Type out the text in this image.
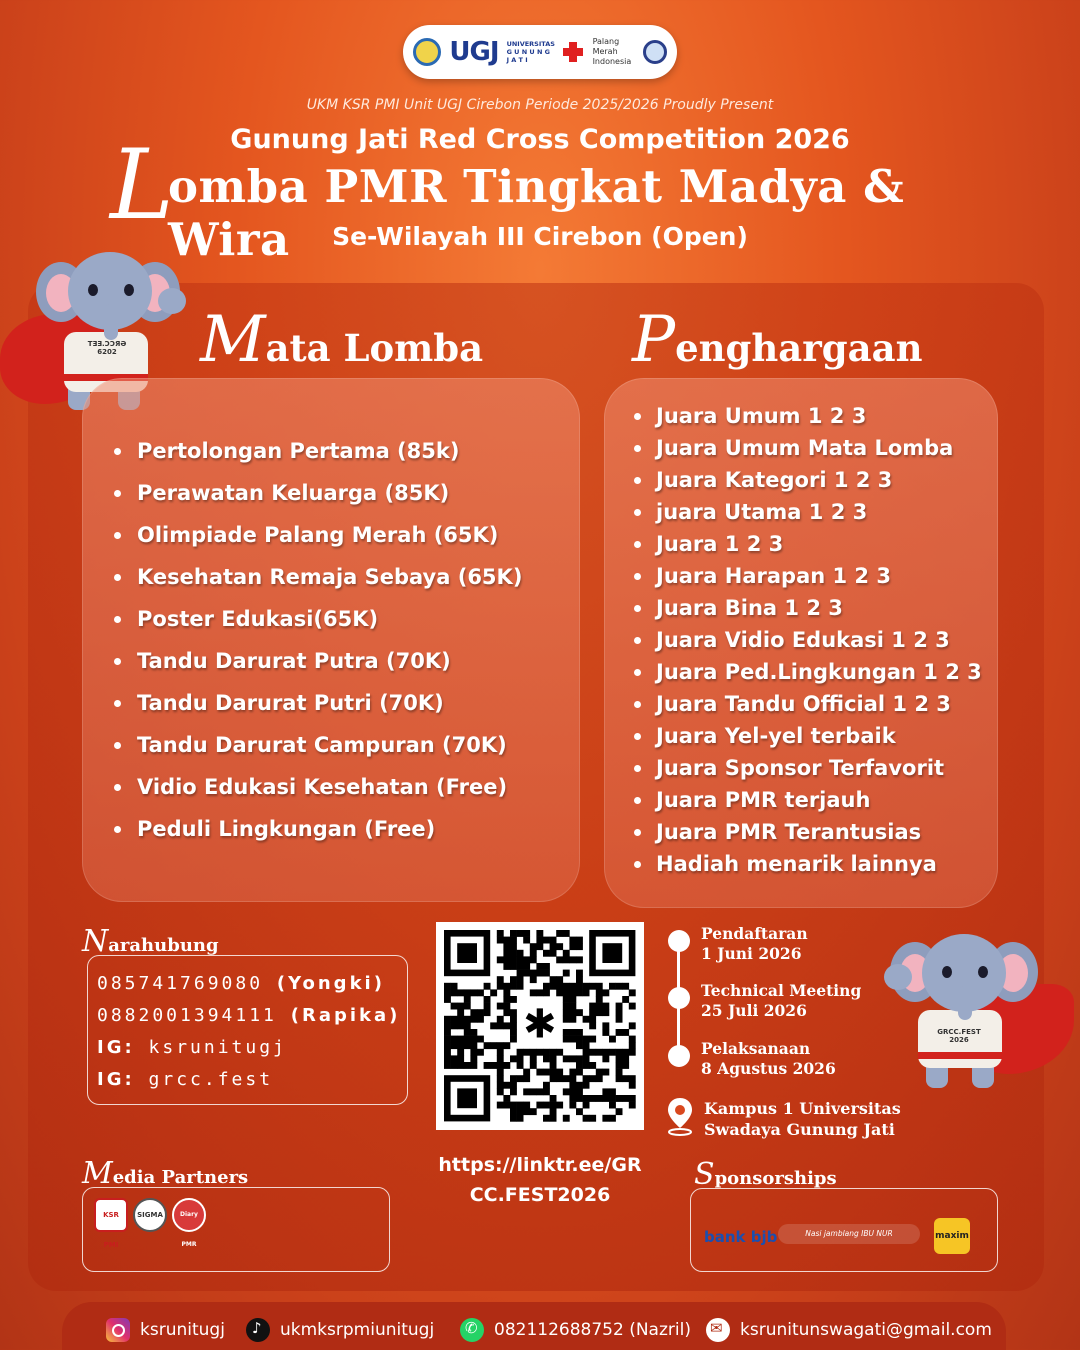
UGJ UNIVERSITAS
G U N U N G
J A T I
Palang
Merah
Indonesia
UKM KSR PMI Unit UGJ Cirebon Periode 2025/2026 Proudly Present
Gunung Jati Red Cross Competition 2026
L
omba PMR Tingkat Madya & Wira	Se-Wilayah III Cirebon (Open)
TƎƎ.ƆƆЯƏ
6202 Mata Lomba Penghargaan
Pertolongan Pertama (85k)
Perawatan Keluarga (85K)
Olimpiade Palang Merah (65K)
Kesehatan Remaja Sebaya (65K)
Poster Edukasi(65K)
Tandu Darurat Putra (70K)
Tandu Darurat Putri (70K)
Tandu Darurat Campuran (70K)
Vidio Edukasi Kesehatan (Free)
Peduli Lingkungan (Free)
Juara Umum 1 2 3
Juara Umum Mata Lomba
Juara Kategori 1 2 3
juara Utama 1 2 3
Juara 1 2 3
Juara Harapan 1 2 3
Juara Bina 1 2 3
Juara Vidio Edukasi 1 2 3
Juara Ped.Lingkungan 1 2 3
Juara Tandu Official 1 2 3
Juara Yel-yel terbaik
Juara Sponsor Terfavorit
Juara PMR terjauh
Juara PMR Terantusias
Hadiah menarik lainnya
Narahubung
085741769080 (Yongki)
0882001394111 (Rapika)
IG: ksrunitugj
IG: grcc.fest
Media Partners
KSR PMI
SIGMA	Diary PMR
✱
https://linktr.ee/GR
CC.FEST2026
Pendaftaran
1 Juni 2026
Technical Meeting
25 Juli 2026
Pelaksanaan
8 Agustus 2026
Kampus 1 Universitas
Swadaya Gunung Jati
GRCC.FEST
2026
Sponsorships
bank bjb	Nasi jamblang IBU NUR	maxim
ksrunitugj ♪	ukmksrpmiunitugj ✆	082112688752 (Nazril) ✉	ksrunitunswagati@gmail.com
